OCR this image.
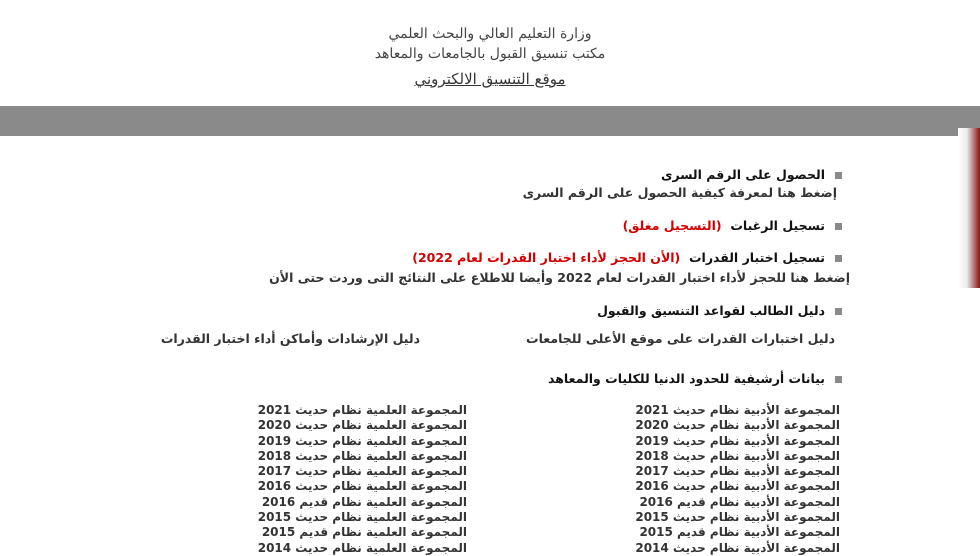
وزارة التعليم العالي والبحث العلمي
مكتب تنسيق القبول بالجامعات والمعاهد
موقع التنسيق الالكتروني
الحصول على الرقم السرى
إضغط هنا لمعرفة كيفية الحصول على الرقم السرى
تسجيل الرغبات  (التسجيل مغلق)
تسجيل اختبار القدرات  (الأن الحجز لأداء اختبار القدرات لعام 2022)
إضغط هنا للحجز لأداء اختبار القدرات لعام 2022 وأيضا للاطلاع على النتائج التى وردت حتى الأن
دليل الطالب لقواعد التنسيق والقبول
دليل اختبارات القدرات على موقع الأعلى للجامعات
دليل الإرشادات وأماكن أداء اختبار القدرات
بيانات أرشيفية للحدود الدنيا للكليات والمعاهد
المجموعة الأدبية نظام حديث 2021
المجموعة الأدبية نظام حديث 2020
المجموعة الأدبية نظام حديث 2019
المجموعة الأدبية نظام حديث 2018
المجموعة الأدبية نظام حديث 2017
المجموعة الأدبية نظام حديث 2016
المجموعة الأدبية نظام قديم 2016
المجموعة الأدبية نظام حديث 2015
المجموعة الأدبية نظام قديم 2015
المجموعة الأدبية نظام حديث 2014
المجموعة العلمية نظام حديث 2021
المجموعة العلمية نظام حديث 2020
المجموعة العلمية نظام حديث 2019
المجموعة العلمية نظام حديث 2018
المجموعة العلمية نظام حديث 2017
المجموعة العلمية نظام حديث 2016
المجموعة العلمية نظام قديم 2016
المجموعة العلمية نظام حديث 2015
المجموعة العلمية نظام قديم 2015
المجموعة العلمية نظام حديث 2014
